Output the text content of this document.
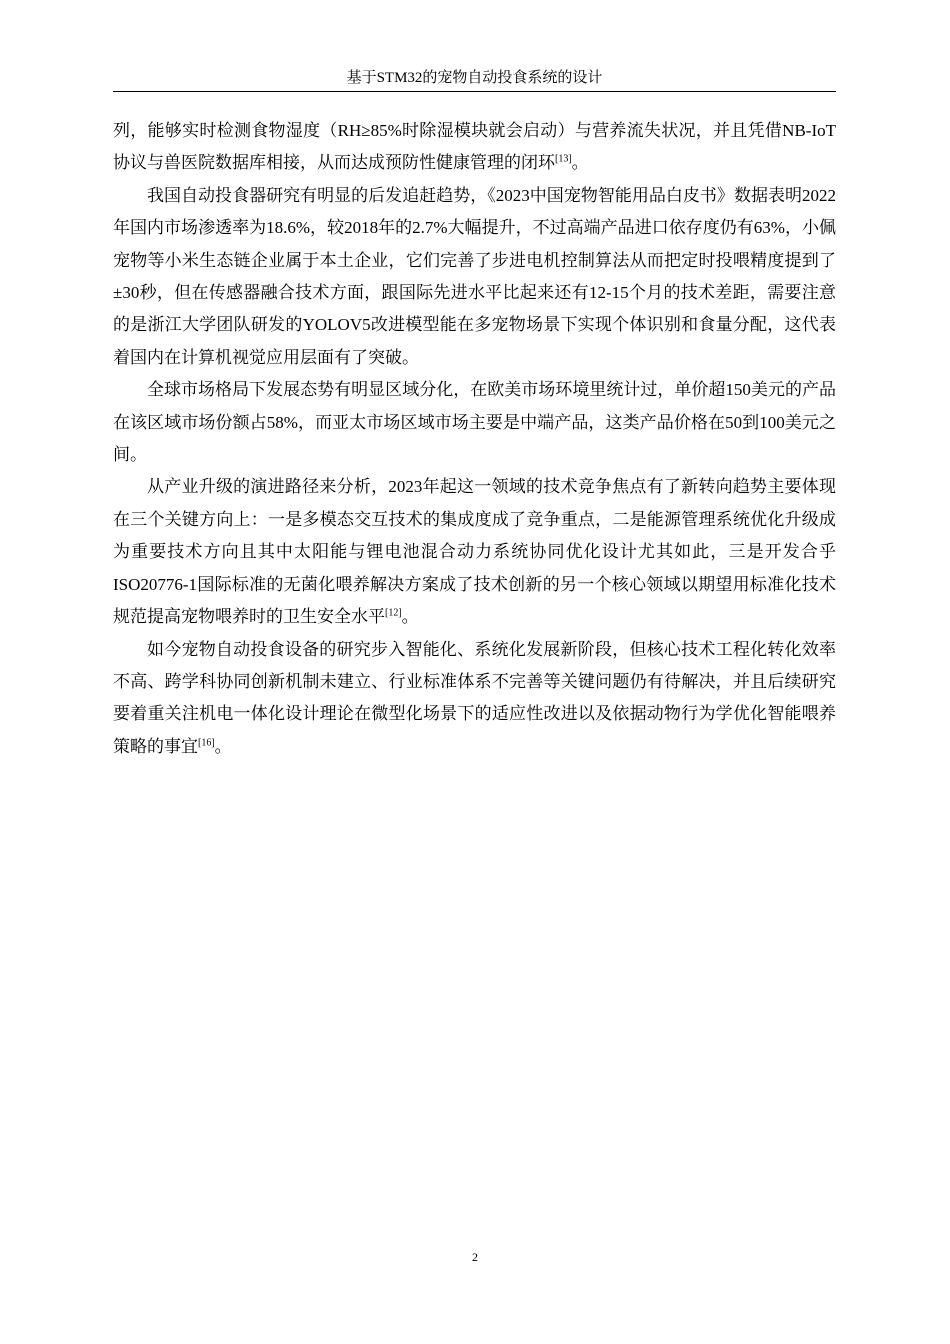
基于STM32的宠物自动投食系统的设计

列，能够实时检测食物湿度（RH≥85%时除湿模块就会启动）与营养流失状况，并且凭借NB-IoT协议与兽医院数据库相接，从而达成预防性健康管理的闭环[13]。

我国自动投食器研究有明显的后发追赶趋势，《2023中国宠物智能用品白皮书》数据表明2022年国内市场渗透率为18.6%，较2018年的2.7%大幅提升，不过高端产品进口依存度仍有63%，小佩宠物等小米生态链企业属于本土企业，它们完善了步进电机控制算法从而把定时投喂精度提到了±30秒，但在传感器融合技术方面，跟国际先进水平比起来还有12-15个月的技术差距，需要注意的是浙江大学团队研发的YOLOV5改进模型能在多宠物场景下实现个体识别和食量分配，这代表着国内在计算机视觉应用层面有了突破。

全球市场格局下发展态势有明显区域分化，在欧美市场环境里统计过，单价超150美元的产品在该区域市场份额占58%，而亚太市场区域市场主要是中端产品，这类产品价格在50到100美元之间。

从产业升级的演进路径来分析，2023年起这一领域的技术竞争焦点有了新转向趋势主要体现在三个关键方向上：一是多模态交互技术的集成度成了竞争重点，二是能源管理系统优化升级成为重要技术方向且其中太阳能与锂电池混合动力系统协同优化设计尤其如此，三是开发合乎ISO20776-1国际标准的无菌化喂养解决方案成了技术创新的另一个核心领域以期望用标准化技术规范提高宠物喂养时的卫生安全水平[12]。

如今宠物自动投食设备的研究步入智能化、系统化发展新阶段，但核心技术工程化转化效率不高、跨学科协同创新机制未建立、行业标准体系不完善等关键问题仍有待解决，并且后续研究要着重关注机电一体化设计理论在微型化场景下的适应性改进以及依据动物行为学优化智能喂养策略的事宜[16]。

2
